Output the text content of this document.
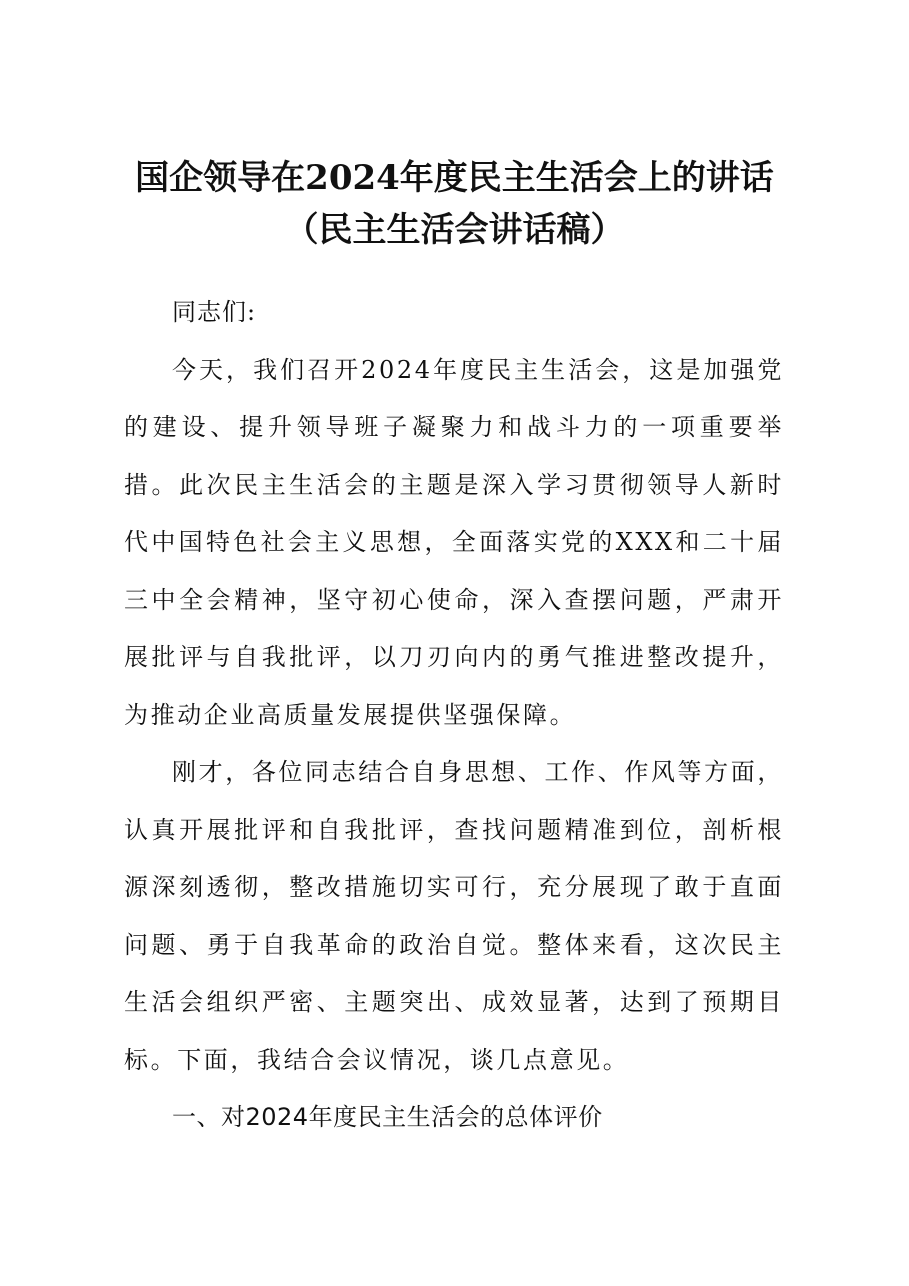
国企领导在2024年度民主生活会上的讲话
（民主生活会讲话稿）

同志们:

今天，我们召开2024年度民主生活会，这是加强党的建设、提升领导班子凝聚力和战斗力的一项重要举措。此次民主生活会的主题是深入学习贯彻领导人新时代中国特色社会主义思想，全面落实党的XXX和二十届三中全会精神，坚守初心使命，深入查摆问题，严肃开展批评与自我批评，以刀刃向内的勇气推进整改提升，为推动企业高质量发展提供坚强保障。

刚才，各位同志结合自身思想、工作、作风等方面，认真开展批评和自我批评，查找问题精准到位，剖析根源深刻透彻，整改措施切实可行，充分展现了敢于直面问题、勇于自我革命的政治自觉。整体来看，这次民主生活会组织严密、主题突出、成效显著，达到了预期目标。下面，我结合会议情况，谈几点意见。

一、对2024年度民主生活会的总体评价
